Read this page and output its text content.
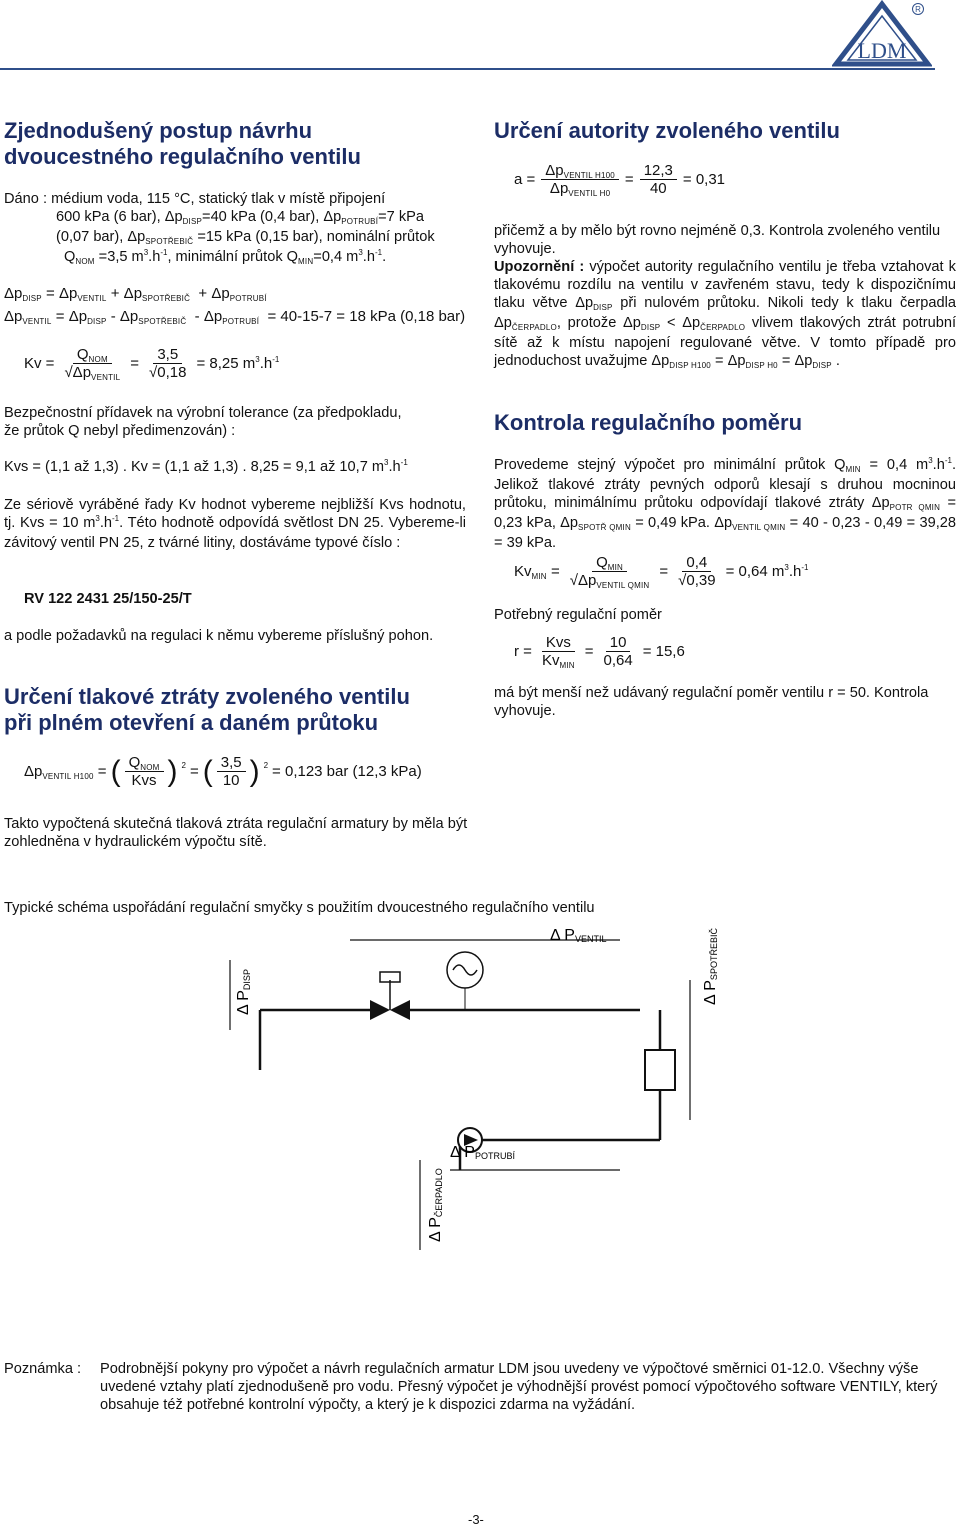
LDM
R
Zjednodušený postup návrhu
dvoucestného regulačního ventilu
Dáno : médium voda, 115 °C, statický tlak v místě připojení
600 kPa (6 bar), $\Delta p_{DISP}=40$ kPa (0,4 bar), $\Delta p_{POTRUBÍ}=7$ kPa
(0,07 bar), $\Delta p_{SPOTŘEBIČ} =15$ kPa (0,15 bar), nominální průtok
$Q_{NOM} =3,5$ $m^3.h^{-1}$, minimální průtok $Q_{MIN}=0,4$ $m^3.h^{-1}$.
$\Delta p_{DISP} = \Delta p_{VENTIL} + \Delta p_{SPOTŘEBIČ} + \Delta p_{POTRUBÍ}$
$\Delta p_{VENTIL} = \Delta p_{DISP} - \Delta p_{SPOTŘEBIČ} - \Delta p_{POTRUBÍ} = 40-15-7 = 18$ kPa (0,18 bar)
$Kv = \frac{Q_{NOM}}{√\Delta p_{VENTIL}} = \frac{3,5}{√0,18} = 8,25$ $m^3.h^{-1}$
Bezpečnostní přídavek na výrobní tolerance (za předpokladu,
že průtok Q nebyl předimenzován) :
Kvs = (1,1 až 1,3) . Kv = (1,1 až 1,3) . 8,25 = 9,1 až 10,7 $m^3.h^{-1}$
Ze sériově vyráběné řady Kv hodnot vybereme nejbližší Kvs hodnotu, tj. Kvs = 10 $m^3.h^{-1}$. Této hodnotě odpovídá světlost DN 25. Vybereme-li závitový ventil PN 25, z tvárné litiny, dostáváme typové číslo :
RV 122 2431 25/150-25/T
a podle požadavků na regulaci k němu vybereme příslušný pohon.
Určení tlakové ztráty zvoleného ventilu
při plném otevření a daném průtoku
$\Delta p_{VENTIL H100}$ = ( $\frac{Q_{NOM}}{\text{Kvs}}$ ) 2 = ( $\frac{3,5}{10}$ ) 2 = 0,123 bar (12,3 kPa)
Takto vypočtená skutečná tlaková ztráta regulační armatury by měla být zohledněna v hydraulickém výpočtu sítě.
Určení autority zvoleného ventilu
$a = \frac{\Delta p_{VENTIL H100}}{\Delta p_{VENTIL H0}} = \frac{12,3}{40} = 0,31$
přičemž a by mělo být rovno nejméně 0,3. Kontrola zvoleného ventilu vyhovuje.
Upozornění : výpočet autority regulačního ventilu je třeba vztahovat k tlakovému rozdílu na ventilu v zavřeném stavu, tedy k dispozičnímu tlaku větve $\Delta p_{DISP}$ při nulovém průtoku. Nikoli tedy k tlaku čerpadla $\Delta p_{ČERPADLO}$, protože $\Delta p_{DISP} < \Delta p_{ČERPADLO}$ vlivem tlakových ztrát potrubní sítě až k místu napojení regulované větve. V tomto případě pro jednoduchost uvažujme $\Delta p_{DISP H100} = \Delta p_{DISP H0} = \Delta p_{DISP}$ .
Kontrola regulačního poměru
Provedeme stejný výpočet pro minimální průtok $Q_{MIN} = 0,4$ $m^3.h^{-1}$. Jelikož tlakové ztráty pevných odporů klesají s druhou mocninou průtoku, minimálnímu průtoku odpovídají tlakové ztráty $\Delta p_{POTR QMIN} = 0,23$ kPa, $\Delta p_{SPOTŘ QMIN} = 0,49$ kPa. $\Delta p_{VENTIL QMIN} = 40 - 0,23 - 0,49 = 39,28 = 39$ kPa.
$Kv_{MIN} = \frac{Q_{MIN}}{√\Delta p_{VENTIL QMIN}} = \frac{0,4}{√0,39} = 0,64$ $m^3.h^{-1}$
Potřebný regulační poměr
$r = \frac{\text{Kvs}}{Kv_{MIN}} = \frac{10}{0,64} = 15,6$
má být menší než udávaný regulační poměr ventilu r = 50. Kontrola vyhovuje.
Typické schéma uspořádání regulační smyčky s použitím dvoucestného regulačního ventilu
Δ PVENTIL
Δ PDISP
Δ PSPOTŘEBIČ
Δ PPOTRUBÍ
Δ PČERPADLO
Poznámka :	Podrobnější pokyny pro výpočet a návrh regulačních armatur LDM jsou uvedeny ve výpočtové směrnici 01-12.0. Všechny výše uvedené vztahy platí zjednodušeně pro vodu. Přesný výpočet je výhodnější provést pomocí výpočtového software VENTILY, který obsahuje též potřebné kontrolní výpočty, a který je k dispozici zdarma na vyžádání.
-3-
